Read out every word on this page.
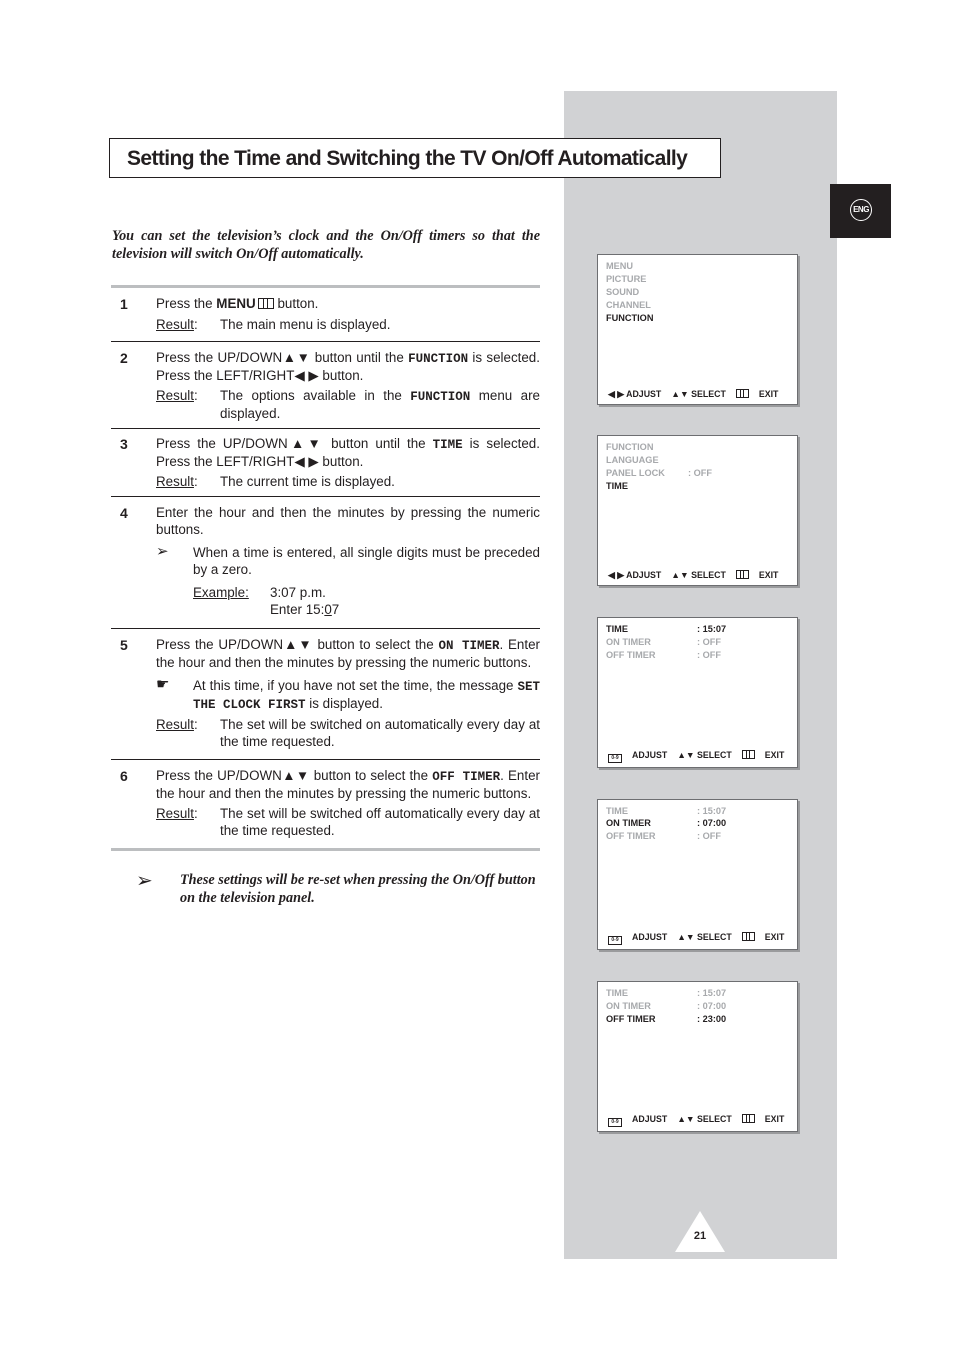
Setting the Time and Switching the TV On/Off Automatically
ENG
You can set the television’s clock and the On/Off timers so that the television will switch On/Off automatically.
1 Press the MENU button.
Result : The main menu is displayed.
2 Press the UP/DOWN▲▼ button until the FUNCTION is selected. Press the LEFT/RIGHT◀ ▶ button.
Result : The options available in the FUNCTION menu are displayed.
3 Press the UP/DOWN▲▼ button until the TIME is selected. Press the LEFT/RIGHT◀ ▶ button.
Result : The current time is displayed.
4 Enter the hour and then the minutes by pressing the numeric buttons.
➢ When a time is entered, all single digits must be preceded by a zero.
Example: 3:07 p.m.
Enter 15:07
5 Press the UP/DOWN▲▼ button to select the ON TIMER. Enter the hour and then the minutes by pressing the numeric buttons.
☛ At this time, if you have not set the time, the message SET THE CLOCK FIRST is displayed.
Result : The set will be switched on automatically every day at the time requested.
6 Press the UP/DOWN▲▼ button to select the OFF TIMER. Enter the hour and then the minutes by pressing the numeric buttons.
Result : The set will be switched off automatically every day at the time requested.
➢ These settings will be re-set when pressing the On/Off button on the television panel.
MENU
PICTURE
SOUND
CHANNEL
FUNCTION
◀ ▶ ADJUST ▲▼ SELECT	EXIT
FUNCTION
LANGUAGE
PANEL LOCK	: OFF
TIME
◀ ▶ ADJUST ▲▼ SELECT	EXIT
TIME	: 15:07
ON TIMER	: OFF
OFF TIMER	: OFF
0-9 ADJUST ▲▼ SELECT	EXIT
TIME	: 15:07
ON TIMER	: 07:00
OFF TIMER	: OFF
0-9 ADJUST ▲▼ SELECT	EXIT
TIME	: 15:07
ON TIMER	: 07:00
OFF TIMER	: 23:00
0-9 ADJUST ▲▼ SELECT	EXIT
21
